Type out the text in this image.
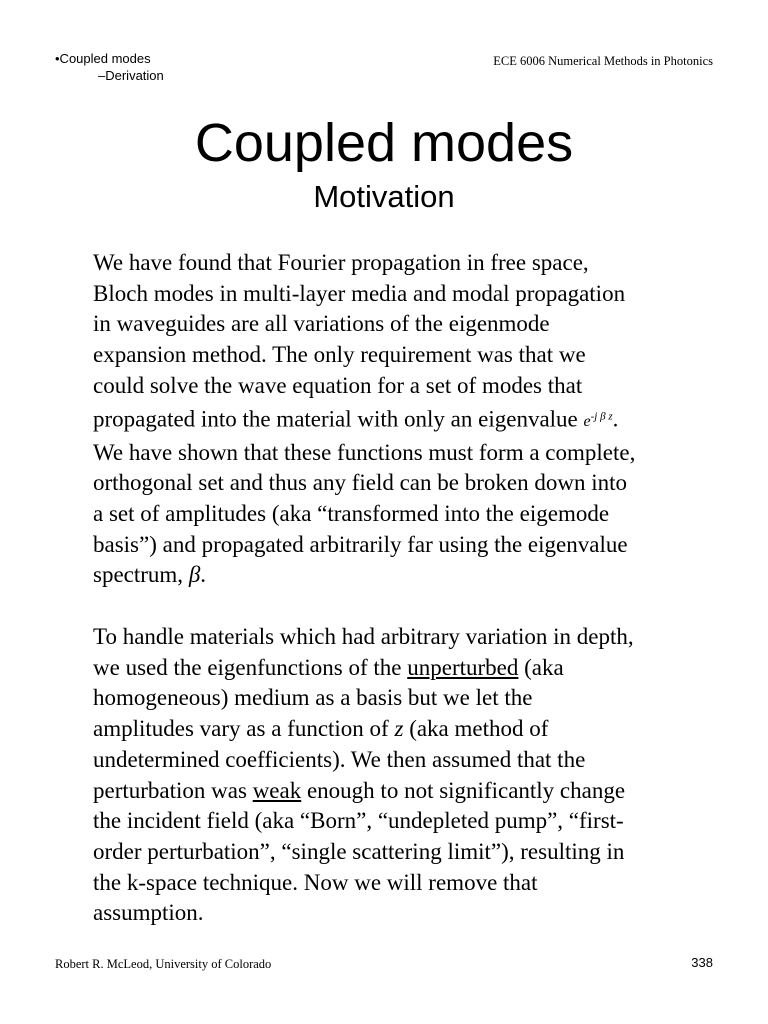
•Coupled modes
–Derivation
ECE 6006 Numerical Methods in Photonics
Coupled modes
Motivation
We have found that Fourier propagation in free space,
Bloch modes in multi-layer media and modal propagation
in waveguides are all variations of the eigenmode
expansion method. The only requirement was that we
could solve the wave equation for a set of modes that
propagated into the material with only an eigenvalue $e^{-j \beta z}$.
We have shown that these functions must form a complete,
orthogonal set and thus any field can be broken down into
a set of amplitudes (aka “transformed into the eigemode
basis”) and propagated arbitrarily far using the eigenvalue
spectrum, β.
To handle materials which had arbitrary variation in depth,
we used the eigenfunctions of the unperturbed (aka
homogeneous) medium as a basis but we let the
amplitudes vary as a function of z (aka method of
undetermined coefficients). We then assumed that the
perturbation was weak enough to not significantly change
the incident field (aka “Born”, “undepleted pump”, “first-
order perturbation”, “single scattering limit”), resulting in
the k-space technique. Now we will remove that
assumption.
Robert R. McLeod, University of Colorado	338
